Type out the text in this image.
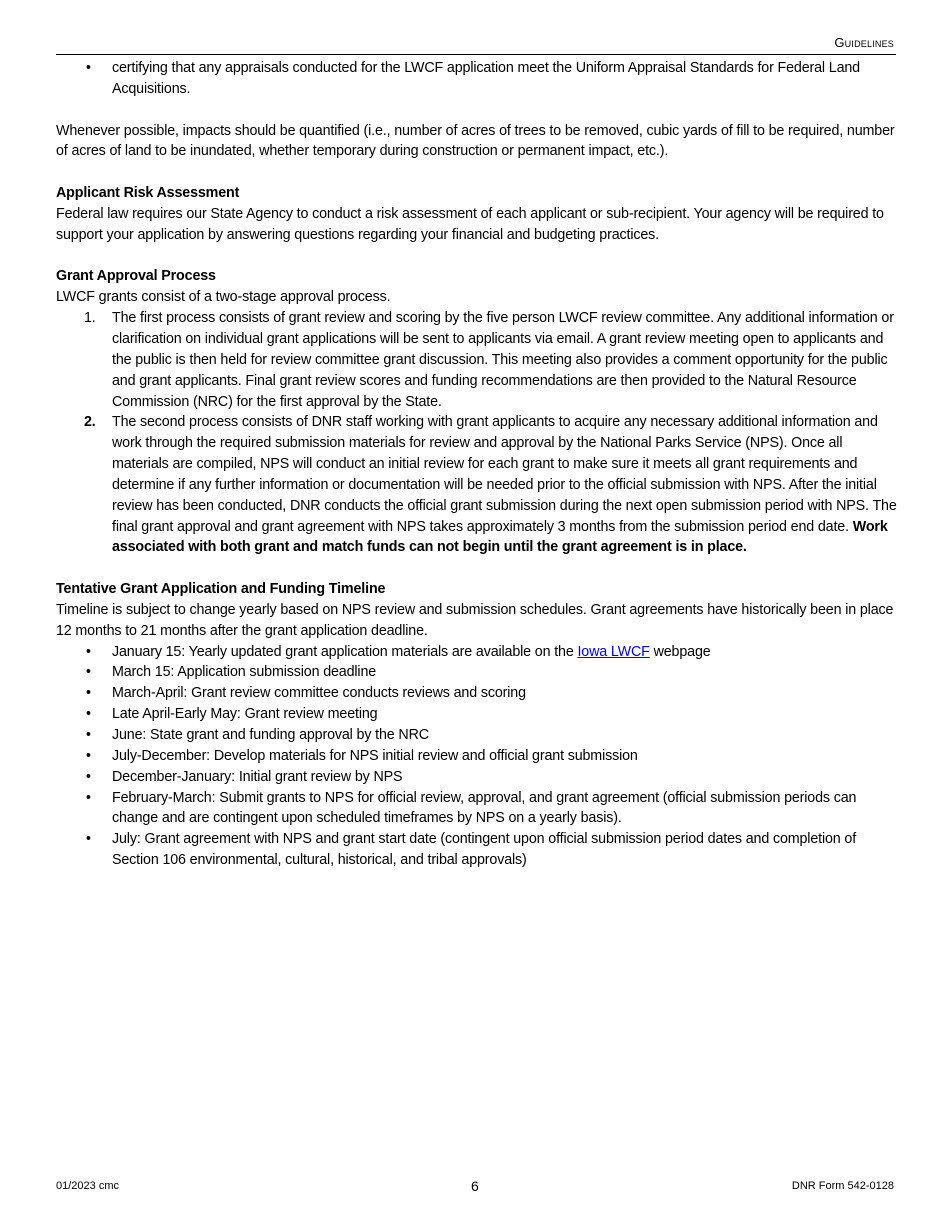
Guidelines
• certifying that any appraisals conducted for the LWCF application meet the Uniform Appraisal Standards for Federal Land Acquisitions.

Whenever possible, impacts should be quantified (i.e., number of acres of trees to be removed, cubic yards of fill to be required, number of acres of land to be inundated, whether temporary during construction or permanent impact, etc.).

Applicant Risk Assessment

Federal law requires our State Agency to conduct a risk assessment of each applicant or sub-recipient. Your agency will be required to support your application by answering questions regarding your financial and budgeting practices.

Grant Approval Process

LWCF grants consist of a two-stage approval process.

1. The first process consists of grant review and scoring by the five person LWCF review committee. Any additional information or clarification on individual grant applications will be sent to applicants via email. A grant review meeting open to applicants and the public is then held for review committee grant discussion. This meeting also provides a comment opportunity for the public and grant applicants. Final grant review scores and funding recommendations are then provided to the Natural Resource Commission (NRC) for the first approval by the State.
2. The second process consists of DNR staff working with grant applicants to acquire any necessary additional information and work through the required submission materials for review and approval by the National Parks Service (NPS). Once all materials are compiled, NPS will conduct an initial review for each grant to make sure it meets all grant requirements and determine if any further information or documentation will be needed prior to the official submission with NPS. After the initial review has been conducted, DNR conducts the official grant submission during the next open submission period with NPS. The final grant approval and grant agreement with NPS takes approximately 3 months from the submission period end date. Work associated with both grant and match funds can not begin until the grant agreement is in place.
Tentative Grant Application and Funding Timeline

Timeline is subject to change yearly based on NPS review and submission schedules. Grant agreements have historically been in place 12 months to 21 months after the grant application deadline.

• January 15: Yearly updated grant application materials are available on the Iowa LWCF webpage
• March 15: Application submission deadline
• March-April: Grant review committee conducts reviews and scoring
• Late April-Early May: Grant review meeting
• June: State grant and funding approval by the NRC
• July-December: Develop materials for NPS initial review and official grant submission
• December-January: Initial grant review by NPS
• February-March: Submit grants to NPS for official review, approval, and grant agreement (official submission periods can change and are contingent upon scheduled timeframes by NPS on a yearly basis).
• July: Grant agreement with NPS and grant start date (contingent upon official submission period dates and completion of Section 106 environmental, cultural, historical, and tribal approvals)
01/2023 cmc	6	DNR Form 542-0128
